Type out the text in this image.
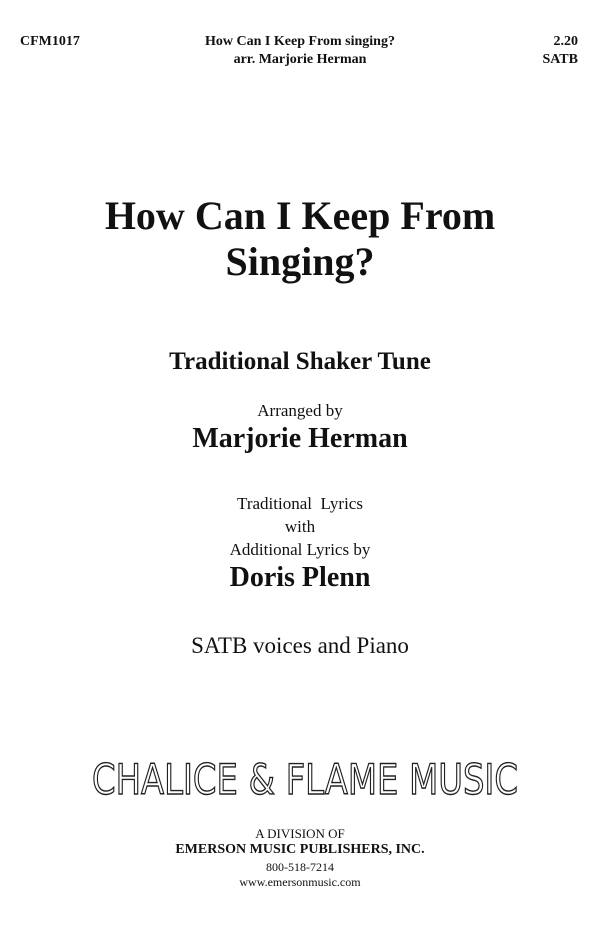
CFM1017	How Can I Keep From singing?
arr. Marjorie Herman
2.20
SATB
How Can I Keep From
Singing?
Traditional Shaker Tune
Arranged by
Marjorie Herman
Traditional  Lyrics
with
Additional Lyrics by
Doris Plenn
SATB voices and Piano
CHALICE & FLAME MUSIC
A DIVISION OF
EMERSON MUSIC PUBLISHERS, INC.
800-518-7214
www.emersonmusic.com
